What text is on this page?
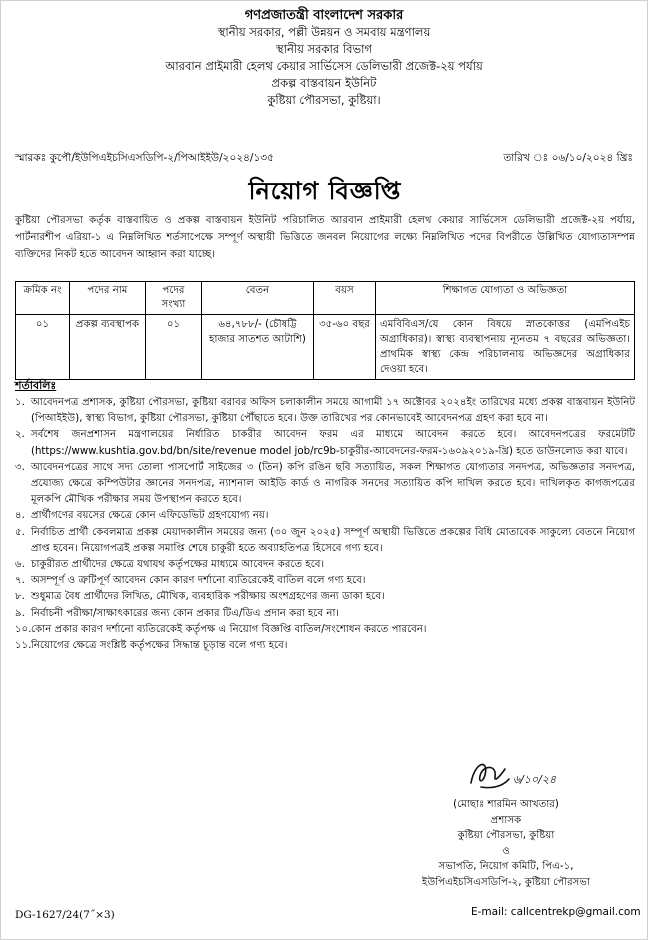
গণপ্রজাতন্ত্রী বাংলাদেশ সরকার
স্থানীয় সরকার, পল্লী উন্নয়ন ও সমবায় মন্ত্রণালয়
স্থানীয় সরকার বিভাগ
আরবান প্রাইমারী হেলথ কেয়ার সার্ভিসেস ডেলিভারী প্রজেক্ট-২য় পর্যায়
প্রকল্প বাস্তবায়ন ইউনিট
কুষ্টিয়া পৌরসভা, কুষ্টিয়া।
স্মারকঃ কুপৌ/ইউপিএইচসিএসডিপি-২/পিআইইউ/২০২৪/১৩৫	তারিখ ঃ ০৬/১০/২০২৪ খ্রিঃ
নিয়োগ বিজ্ঞপ্তি
কুষ্টিয়া পৌরসভা কর্তৃক বাস্তবায়িত ও প্রকল্প বাস্তবায়ন ইউনিট পরিচালিত আরবান প্রাইমারী হেলথ কেয়ার সার্ভিসেস ডেলিভারী প্রজেক্ট-২য় পর্যায়, পার্টনারশীপ এরিয়া-১ এ নিম্নলিখিত শর্তসাপেক্ষে সম্পূর্ণ অস্থায়ী ভিত্তিতে জনবল নিয়োগের লক্ষ্যে নিম্নলিখিত পদের বিপরীতে উল্লিখিত যোগ্যতাসম্পন্ন ব্যক্তিদের নিকট হতে আবেদন আহ্বান করা যাচ্ছে।
ক্রমিক নং	পদের নাম	পদের সংখ্যা	বেতন	বয়স	শিক্ষাগত যোগ্যতা ও অভিজ্ঞতা
০১	প্রকল্প ব্যবস্থাপক	০১	৬৪,৭৮৮/- (চৌষট্টি হাজার সাতশত আটাশি)	৩৫-৬০ বছর	এমবিবিএস/যে কোন বিষয়ে স্নাতকোত্তর (এমপিএইচ অগ্রাধিকার)। স্বাস্থ্য ব্যবস্থাপনায় ন্যূনতম ৭ বছরের অভিজ্ঞতা। প্রাথমিক স্বাস্থ্য কেন্দ্র পরিচালনায় অভিজ্ঞদের অগ্রাধিকার দেওয়া হবে।
শর্তাবলিঃ
১. আবেদনপত্র প্রশাসক, কুষ্টিয়া পৌরসভা, কুষ্টিয়া বরাবর অফিস চলাকালীন সময়ে আগামী ১৭ অক্টোবর ২০২৪ইং তারিখের মধ্যে প্রকল্প বাস্তবায়ন ইউনিট (পিআইইউ), স্বাস্থ্য বিভাগ, কুষ্টিয়া পৌরসভা, কুষ্টিয়া পৌঁছাতে হবে। উক্ত তারিখের পর কোনভাবেই আবেদনপত্র গ্রহণ করা হবে না।
২. সর্বশেষ জনপ্রশাসন মন্ত্রণালয়ের নির্ধারিত চাকরীর আবেদন ফরম এর মাধ্যমে আবেদন করতে হবে। আবেদনপত্রের ফরমেটটি (https://www.kushtia.gov.bd/bn/site/revenue model job/rc9b-চাকুরীর-আবেদনের-ফরম-১৬০৯২০১৯-খ্রি) হতে ডাউনলোড করা যাবে।
৩. আবেদনপত্রের সাথে সদ্য তোলা পাসপোর্ট সাইজের ৩ (তিন) কপি রঙিন ছবি সত্যায়িত, সকল শিক্ষাগত যোগ্যতার সনদপত্র, অভিজ্ঞতার সনদপত্র, প্রযোজ্য ক্ষেত্রে কম্পিউটার জ্ঞানের সনদপত্র, ন্যাশনাল আইডি কার্ড ও নাগরিক সনদের সত্যায়িত কপি দাখিল করতে হবে। দাখিলকৃত কাগজপত্রের মূলকপি মৌখিক পরীক্ষার সময় উপস্থাপন করতে হবে।
৪. প্রার্থীগণের বয়সের ক্ষেত্রে কোন এফিডেভিট গ্রহণযোগ্য নয়।
৫. নির্বাচিত প্রার্থী কেবলমাত্র প্রকল্প মেয়াদকালীন সময়ের জন্য (৩০ জুন ২০২৫) সম্পূর্ণ অস্থায়ী ভিত্তিতে প্রকল্পের বিধি মোতাবেক সাকুল্যে বেতনে নিয়োগ প্রাপ্ত হবেন। নিয়োগপত্রই প্রকল্প সমাপ্তি শেষে চাকুরী হতে অব্যাহতিপত্র হিসেবে গণ্য হবে।
৬. চাকুরীরত প্রার্থীদের ক্ষেত্রে যথাযথ কর্তৃপক্ষের মাধ্যমে আবেদন করতে হবে।
৭. অসম্পূর্ণ ও ত্রুটিপূর্ণ আবেদন কোন কারণ দর্শানো ব্যতিরেকেই বাতিল বলে গণ্য হবে।
৮. শুধুমাত্র বৈধ প্রার্থীদের লিখিত, মৌখিক, ব্যবহারিক পরীক্ষায় অংশগ্রহণের জন্য ডাকা হবে।
৯. নির্বাচনী পরীক্ষা/সাক্ষাৎকারের জন্য কোন প্রকার টিএ/ডিএ প্রদান করা হবে না।
১০. কোন প্রকার কারণ দর্শানো ব্যতিরেকেই কর্তৃপক্ষ এ নিয়োগ বিজ্ঞপ্তি বাতিল/সংশোধন করতে পারবেন।
১১. নিয়োগের ক্ষেত্রে সংশ্লিষ্ট কর্তৃপক্ষের সিদ্ধান্ত চূড়ান্ত বলে গণ্য হবে।
৬/১০/২৪
(মোছাঃ শারমিন আখতার)
প্রশাসক
কুষ্টিয়া পৌরসভা, কুষ্টিয়া
ও
সভাপতি, নিয়োগ কমিটি, পিএ-১,
ইউপিএইচসিএসডিপি-২, কুষ্টিয়া পৌরসভা
DG-1627/24(7˝×3)	E-mail: callcentrekp@gmail.com
